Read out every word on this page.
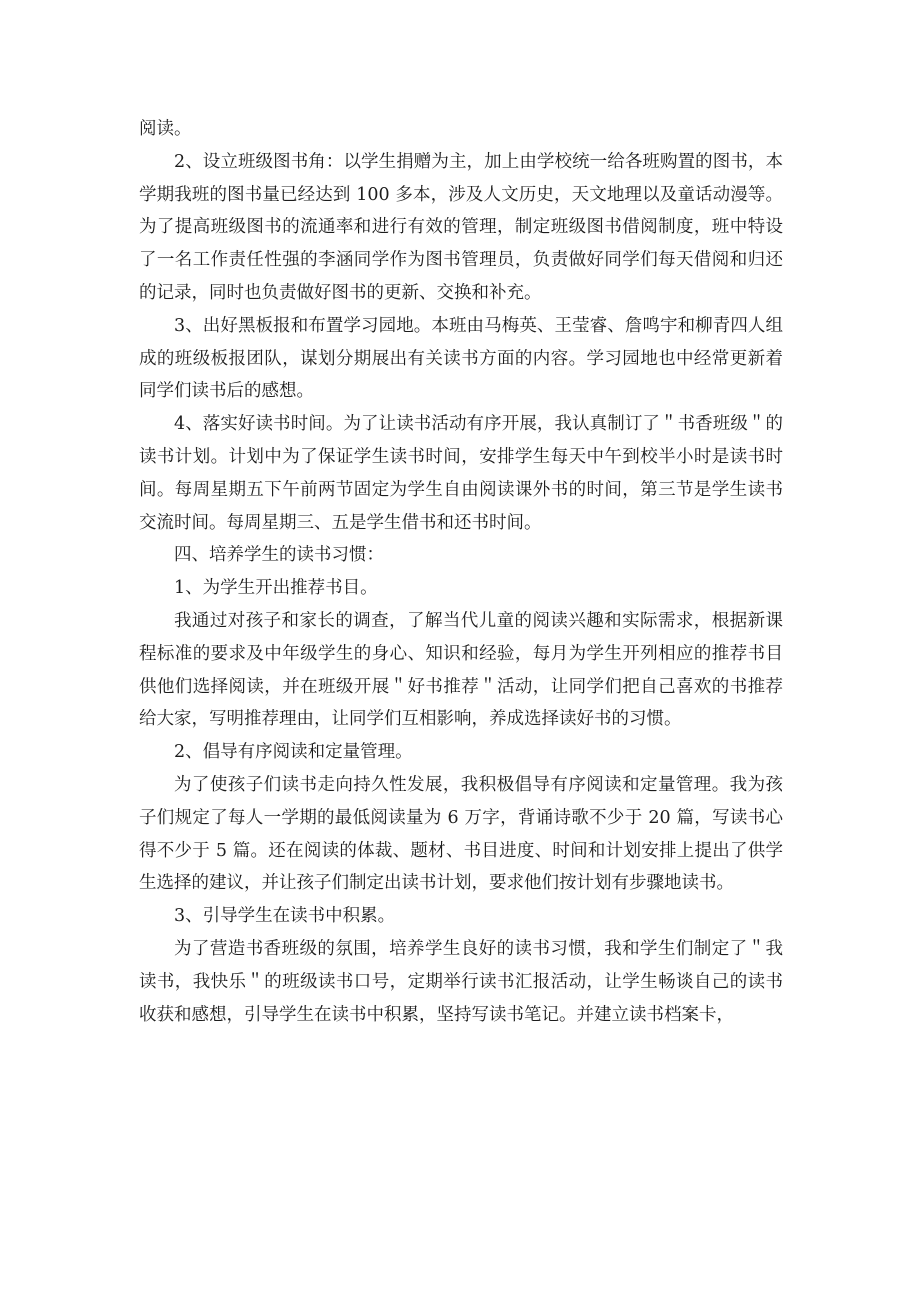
阅读。

2、设立班级图书角：以学生捐赠为主，加上由学校统一给各班购置的图书，本学期我班的图书量已经达到 100 多本，涉及人文历史，天文地理以及童话动漫等。为了提高班级图书的流通率和进行有效的管理，制定班级图书借阅制度，班中特设了一名工作责任性强的李涵同学作为图书管理员，负责做好同学们每天借阅和归还的记录，同时也负责做好图书的更新、交换和补充。

3、出好黑板报和布置学习园地。本班由马梅英、王莹睿、詹鸣宇和柳青四人组成的班级板报团队，谋划分期展出有关读书方面的内容。学习园地也中经常更新着同学们读书后的感想。

4、落实好读书时间。为了让读书活动有序开展，我认真制订了＂书香班级＂的读书计划。计划中为了保证学生读书时间，安排学生每天中午到校半小时是读书时间。每周星期五下午前两节固定为学生自由阅读课外书的时间，第三节是学生读书交流时间。每周星期三、五是学生借书和还书时间。

四、培养学生的读书习惯：

1、为学生开出推荐书目。

我通过对孩子和家长的调查，了解当代儿童的阅读兴趣和实际需求，根据新课程标准的要求及中年级学生的身心、知识和经验，每月为学生开列相应的推荐书目供他们选择阅读，并在班级开展＂好书推荐＂活动，让同学们把自己喜欢的书推荐给大家，写明推荐理由，让同学们互相影响，养成选择读好书的习惯。

2、倡导有序阅读和定量管理。

为了使孩子们读书走向持久性发展，我积极倡导有序阅读和定量管理。我为孩子们规定了每人一学期的最低阅读量为 6 万字，背诵诗歌不少于 20 篇，写读书心得不少于 5 篇。还在阅读的体裁、题材、书目进度、时间和计划安排上提出了供学生选择的建议，并让孩子们制定出读书计划，要求他们按计划有步骤地读书。

3、引导学生在读书中积累。

为了营造书香班级的氛围，培养学生良好的读书习惯，我和学生们制定了＂我读书，我快乐＂的班级读书口号，定期举行读书汇报活动，让学生畅谈自己的读书收获和感想，引导学生在读书中积累，坚持写读书笔记。并建立读书档案卡，
